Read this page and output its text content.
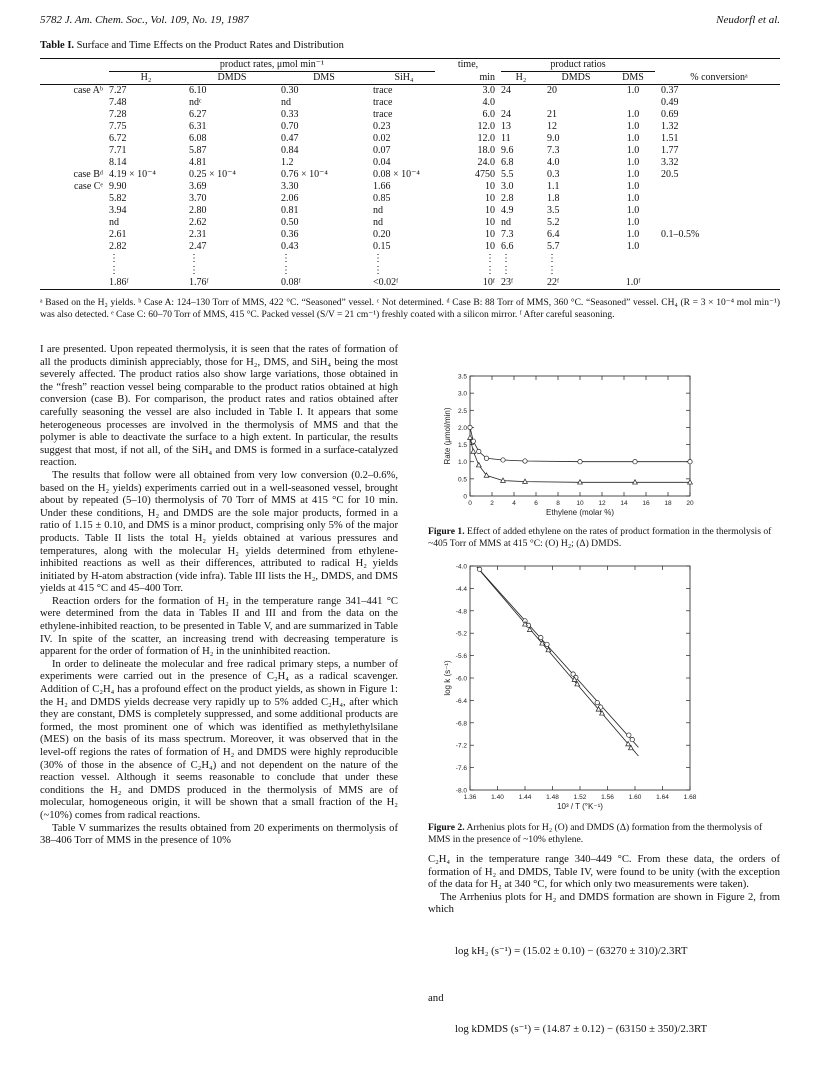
5782 J. Am. Chem. Soc., Vol. 109, No. 19, 1987	Neudorfl et al.
Table I. Surface and Time Effects on the Product Rates and Distribution

	product rates, μmol min⁻¹				time,	product ratios			

	H₂	DMDS	DMS	SiH₄	min	H₂	DMDS	DMS	% conversionᵃ
case Aᵇ	7.27	6.10	0.30	trace	3.0	24	20	1.0	0.37
	7.48	ndᶜ	nd	trace	4.0				0.49
	7.28	6.27	0.33	trace	6.0	24	21	1.0	0.69
	7.75	6.31	0.70	0.23	12.0	13	12	1.0	1.32
	6.72	6.08	0.47	0.02	12.0	11	9.0	1.0	1.51
	7.71	5.87	0.84	0.07	18.0	9.6	7.3	1.0	1.77
	8.14	4.81	1.2	0.04	24.0	6.8	4.0	1.0	3.32
case Bᵈ	4.19 × 10⁻⁴	0.25 × 10⁻⁴	0.76 × 10⁻⁴	0.08 × 10⁻⁴	4750	5.5	0.3	1.0	20.5
case Cᵉ	9.90	3.69	3.30	1.66	10	3.0	1.1	1.0	
	5.82	3.70	2.06	0.85	10	2.8	1.8	1.0	
	3.94	2.80	0.81	nd	10	4.9	3.5	1.0	
	nd	2.62	0.50	nd	10	nd	5.2	1.0	
	2.61	2.31	0.36	0.20	10	7.3	6.4	1.0	0.1–0.5%
	2.82	2.47	0.43	0.15	10	6.6	5.7	1.0	
	⋮	⋮	⋮	⋮	⋮	⋮	⋮		
	⋮	⋮	⋮	⋮	⋮	⋮	⋮		
	1.86ᶠ	1.76ᶠ	0.08ᶠ	<0.02ᶠ	10ᶠ	23ᶠ	22ᶠ	1.0ᶠ	
ᵃ Based on the H₂ yields. ᵇ Case A: 124–130 Torr of MMS, 422 °C. “Seasoned” vessel. ᶜ Not determined. ᵈ Case B: 88 Torr of MMS, 360 °C. “Seasoned” vessel. CH₄ (R = 3 × 10⁻⁴ mol min⁻¹) was also detected. ᵉ Case C: 60–70 Torr of MMS, 415 °C. Packed vessel (S/V = 21 cm⁻¹) freshly coated with a silicon mirror. ᶠ After careful seasoning.

I are presented. Upon repeated thermolysis, it is seen that the rates of formation of all the products diminish appreciably, those for H₂, DMS, and SiH₄ being the most severely affected. The product ratios also show large variations, those obtained in the “fresh” reaction vessel being comparable to the product ratios obtained at high conversion (case B). For comparison, the product rates and ratios obtained after carefully seasoning the vessel are also included in Table I. It appears that some heterogeneous processes are involved in the thermolysis of MMS and that the polymer is able to deactivate the surface to a high extent. In particular, the results suggest that most, if not all, of the SiH₄ and DMS is formed in a surface-catalyzed reaction.

The results that follow were all obtained from very low conversion (0.2–0.6%, based on the H₂ yields) experiments carried out in a well-seasoned vessel, brought about by repeated (5–10) thermolysis of 70 Torr of MMS at 415 °C for 10 min. Under these conditions, H₂ and DMDS are the sole major products, formed in a ratio of 1.15 ± 0.10, and DMS is a minor product, comprising only 5% of the major products. Table II lists the total H₂ yields obtained at various pressures and temperatures, along with the molecular H₂ yields determined from ethylene-inhibited reactions as well as their differences, attributed to radical H₂ yields initiated by H-atom abstraction (vide infra). Table III lists the H₂, DMDS, and DMS yields at 415 °C and 45–400 Torr.

Reaction orders for the formation of H₂ in the temperature range 341–441 °C were determined from the data in Tables II and III and from the data on the ethylene-inhibited reaction, to be presented in Table V, and are summarized in Table IV. In spite of the scatter, an increasing trend with decreasing temperature is apparent for the order of formation of H₂ in the uninhibited reaction.

In order to delineate the molecular and free radical primary steps, a number of experiments were carried out in the presence of C₂H₄ as a radical scavenger. Addition of C₂H₄ has a profound effect on the product yields, as shown in Figure 1: the H₂ and DMDS yields decrease very rapidly up to 5% added C₂H₄, after which they are constant, DMS is completely suppressed, and some additional products are formed, the most prominent one of which was identified as methylethylsilane (MES) on the basis of its mass spectrum. Moreover, it was observed that in the level-off regions the rates of formation of H₂ and DMDS were highly reproducible (30% of those in the absence of C₂H₄) and not dependent on the nature of the reaction vessel. Although it seems reasonable to conclude that under these conditions the H₂ and DMDS produced in the thermolysis of MMS are of molecular, homogeneous origin, it will be shown that a small fraction of the H₂ (~10%) comes from radical reactions.

Table V summarizes the results obtained from 20 experiments on thermolysis of 38–406 Torr of MMS in the presence of 10%

0	2	4	6	8	10 12 14 16 18 20
0
0.5
1.0
1.5
2.0
2.5
3.0
3.5
Ethylene (molar %)
Rate (μmol/min)
Figure 1. Effect of added ethylene on the rates of product formation in the thermolysis of ~405 Torr of MMS at 415 °C: (O) H₂; (Δ) DMDS.
1.36 1.40 1.44 1.48 1.52 1.56 1.60 1.64 1.68
-4.0
-4.4
-4.8
-5.2
-5.6
-6.0
-6.4
-6.8
-7.2
-7.6
-8.0
10³ / T (°K⁻¹)
log k (s⁻¹)
Figure 2. Arrhenius plots for H₂ (O) and DMDS (Δ) formation from the thermolysis of MMS in the presence of ~10% ethylene.

C₂H₄ in the temperature range 340–449 °C. From these data, the orders of formation of H₂ and DMDS, Table IV, were found to be unity (with the exception of the data for H₂ at 340 °C, for which only two measurements were taken).

The Arrhenius plots for H₂ and DMDS formation are shown in Figure 2, from which

log kH₂ (s⁻¹) = (15.02 ± 0.10) − (63270 ± 310)/2.3RT
and
log kDMDS (s⁻¹) = (14.87 ± 0.12) − (63150 ± 350)/2.3RT
